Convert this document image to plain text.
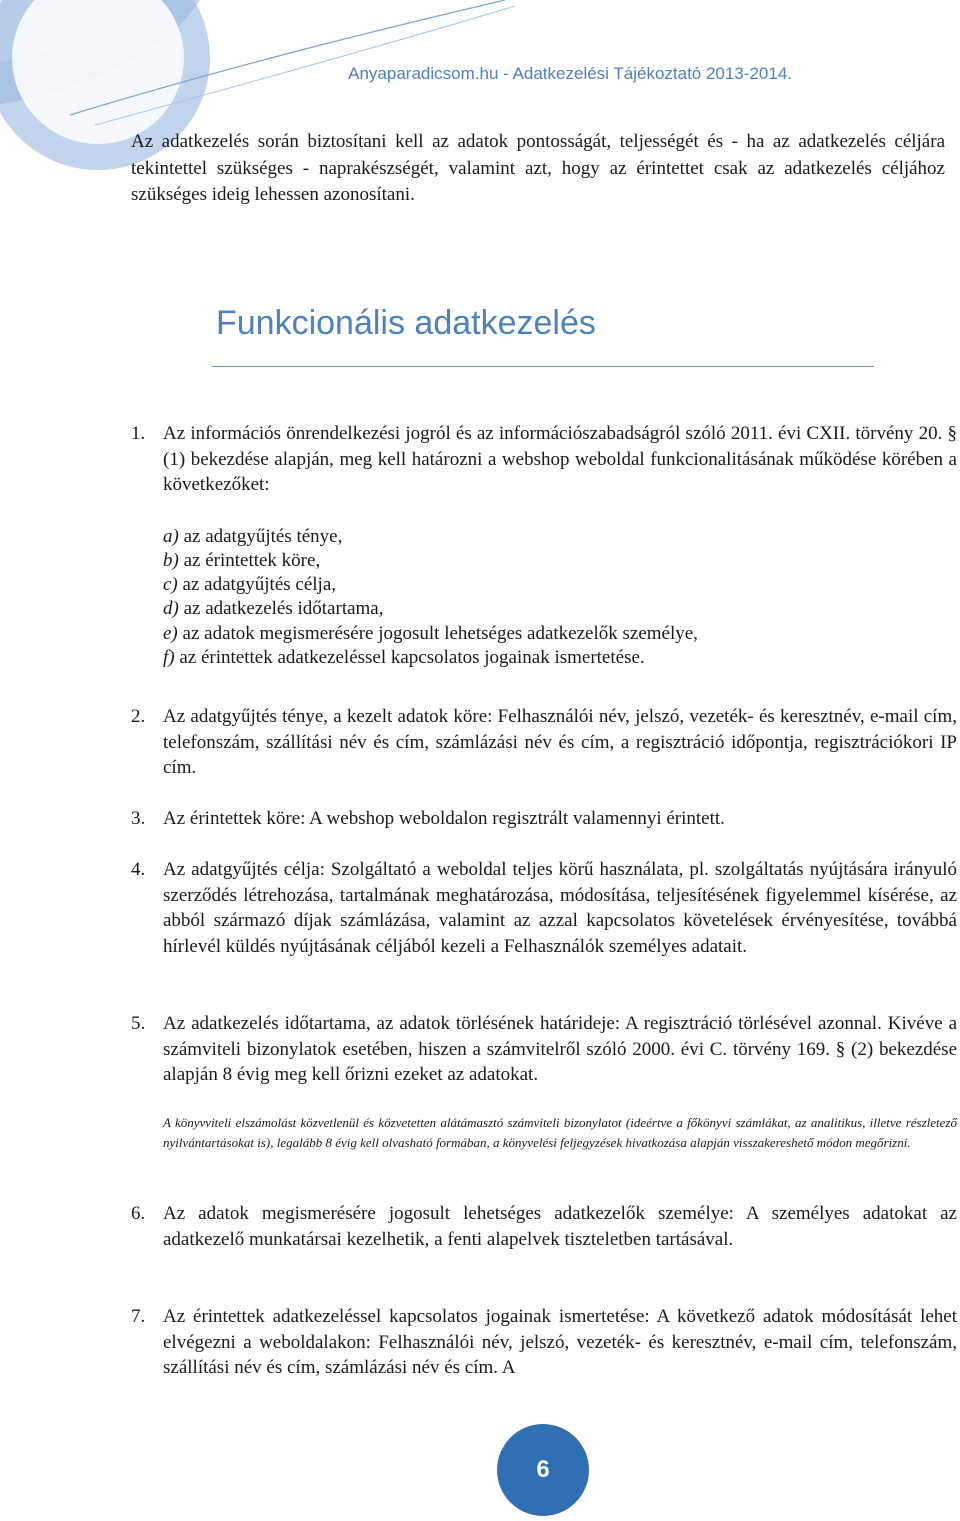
Anyaparadicsom.hu - Adatkezelési Tájékoztató 2013-2014.

Az adatkezelés során biztosítani kell az adatok pontosságát, teljességét és - ha az adatkezelés céljára tekintettel szükséges - naprakészségét, valamint azt, hogy az érintettet csak az adatkezelés céljához szükséges ideig lehessen azonosítani.

Funkcionális adatkezelés
1. Az információs önrendelkezési jogról és az információszabadságról szóló 2011. évi CXII. törvény 20. § (1) bekezdése alapján, meg kell határozni a webshop weboldal funkcionalitásának működése körében a következőket:
a) az adatgyűjtés ténye,
b) az érintettek köre,
c) az adatgyűjtés célja,
d) az adatkezelés időtartama,
e) az adatok megismerésére jogosult lehetséges adatkezelők személye,
f) az érintettek adatkezeléssel kapcsolatos jogainak ismertetése.
2. Az adatgyűjtés ténye, a kezelt adatok köre: Felhasználói név, jelszó, vezeték- és keresztnév, e-mail cím, telefonszám, szállítási név és cím, számlázási név és cím, a regisztráció időpontja, regisztrációkori IP cím.
3. Az érintettek köre: A webshop weboldalon regisztrált valamennyi érintett.
4. Az adatgyűjtés célja: Szolgáltató a weboldal teljes körű használata, pl. szolgáltatás nyújtására irányuló szerződés létrehozása, tartalmának meghatározása, módosítása, teljesítésének figyelemmel kísérése, az abból származó díjak számlázása, valamint az azzal kapcsolatos követelések érvényesítése, továbbá hírlevél küldés nyújtásának céljából kezeli a Felhasználók személyes adatait.
5. Az adatkezelés időtartama, az adatok törlésének határideje: A regisztráció törlésével azonnal. Kivéve a számviteli bizonylatok esetében, hiszen a számvitelről szóló 2000. évi C. törvény 169. § (2) bekezdése alapján 8 évig meg kell őrizni ezeket az adatokat.
A könyvviteli elszámolást közvetlenül és közvetetten alátámasztó számviteli bizonylatot (ideértve a főkönyvi számlákat, az analitikus, illetve részletező nyilvántartásokat is), legalább 8 évig kell olvasható formában, a könyvelési feljegyzések hivatkozása alapján visszakereshető módon megőrizni.
6. Az adatok megismerésére jogosult lehetséges adatkezelők személye: A személyes adatokat az adatkezelő munkatársai kezelhetik, a fenti alapelvek tiszteletben tartásával.
7. Az érintettek adatkezeléssel kapcsolatos jogainak ismertetése: A következő adatok módosítását lehet elvégezni a weboldalakon: Felhasználói név, jelszó, vezeték- és keresztnév, e-mail cím, telefonszám, szállítási név és cím, számlázási név és cím. A
6
